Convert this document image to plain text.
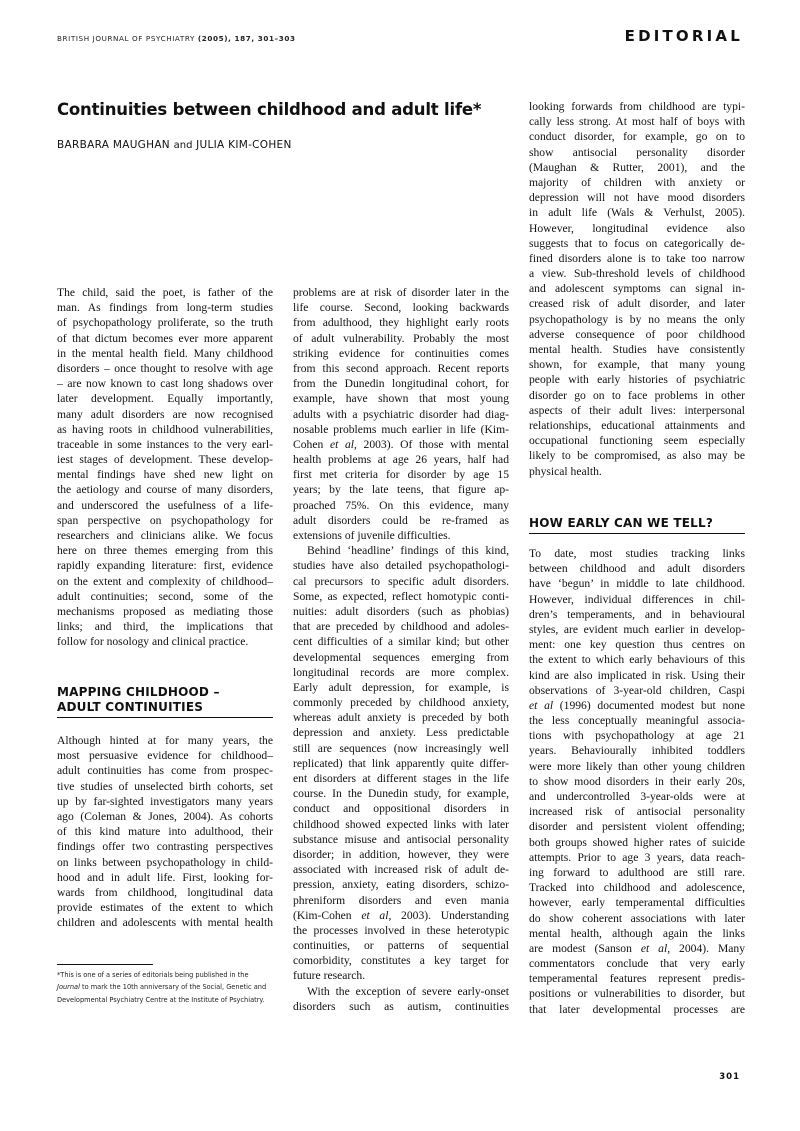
BRITISH JOURNAL OF PSYCHIATRY (2005), 187, 301–303	EDITORIAL
Continuities between childhood and adult life*
BARBARA MAUGHAN and JULIA KIM-COHEN
The child, said the poet, is father of the
man. As findings from long-term studies
of psychopathology proliferate, so the truth
of that dictum becomes ever more apparent
in the mental health field. Many childhood
disorders – once thought to resolve with age
– are now known to cast long shadows over
later development. Equally importantly,
many adult disorders are now recognised
as having roots in childhood vulnerabilities,
traceable in some instances to the very earl-
iest stages of development. These develop-
mental findings have shed new light on
the aetiology and course of many disorders,
and underscored the usefulness of a life-
span perspective on psychopathology for
researchers and clinicians alike. We focus
here on three themes emerging from this
rapidly expanding literature: first, evidence
on the extent and complexity of childhood–
adult continuities; second, some of the
mechanisms proposed as mediating those
links; and third, the implications that
follow for nosology and clinical practice.
MAPPING CHILDHOOD –
ADULT CONTINUITIES
Although hinted at for many years, the
most persuasive evidence for childhood–
adult continuities has come from prospec-
tive studies of unselected birth cohorts, set
up by far-sighted investigators many years
ago (Coleman & Jones, 2004). As cohorts
of this kind mature into adulthood, their
findings offer two contrasting perspectives
on links between psychopathology in child-
hood and in adult life. First, looking for-
wards from childhood, longitudinal data
provide estimates of the extent to which
children and adolescents with mental health
*This is one of a series of editorials being published in the Journal to mark the 10th anniversary of the Social, Genetic and Developmental Psychiatry Centre at the Institute of Psychiatry.
problems are at risk of disorder later in the
life course. Second, looking backwards
from adulthood, they highlight early roots
of adult vulnerability. Probably the most
striking evidence for continuities comes
from this second approach. Recent reports
from the Dunedin longitudinal cohort, for
example, have shown that most young
adults with a psychiatric disorder had diag-
nosable problems much earlier in life (Kim-
Cohen et al, 2003). Of those with mental
health problems at age 26 years, half had
first met criteria for disorder by age 15
years; by the late teens, that figure ap-
proached 75%. On this evidence, many
adult disorders could be re-framed as
extensions of juvenile difficulties.
Behind ‘headline’ findings of this kind,
studies have also detailed psychopathologi-
cal precursors to specific adult disorders.
Some, as expected, reflect homotypic conti-
nuities: adult disorders (such as phobias)
that are preceded by childhood and adoles-
cent difficulties of a similar kind; but other
developmental sequences emerging from
longitudinal records are more complex.
Early adult depression, for example, is
commonly preceded by childhood anxiety,
whereas adult anxiety is preceded by both
depression and anxiety. Less predictable
still are sequences (now increasingly well
replicated) that link apparently quite differ-
ent disorders at different stages in the life
course. In the Dunedin study, for example,
conduct and oppositional disorders in
childhood showed expected links with later
substance misuse and antisocial personality
disorder; in addition, however, they were
associated with increased risk of adult de-
pression, anxiety, eating disorders, schizo-
phreniform disorders and even mania
(Kim-Cohen et al, 2003). Understanding
the processes involved in these heterotypic
continuities, or patterns of sequential
comorbidity, constitutes a key target for
future research.
With the exception of severe early-onset
disorders such as autism, continuities
looking forwards from childhood are typi-
cally less strong. At most half of boys with
conduct disorder, for example, go on to
show antisocial personality disorder
(Maughan & Rutter, 2001), and the
majority of children with anxiety or
depression will not have mood disorders
in adult life (Wals & Verhulst, 2005).
However, longitudinal evidence also
suggests that to focus on categorically de-
fined disorders alone is to take too narrow
a view. Sub-threshold levels of childhood
and adolescent symptoms can signal in-
creased risk of adult disorder, and later
psychopathology is by no means the only
adverse consequence of poor childhood
mental health. Studies have consistently
shown, for example, that many young
people with early histories of psychiatric
disorder go on to face problems in other
aspects of their adult lives: interpersonal
relationships, educational attainments and
occupational functioning seem especially
likely to be compromised, as also may be
physical health.
HOW EARLY CAN WE TELL?
To date, most studies tracking links
between childhood and adult disorders
have ‘begun’ in middle to late childhood.
However, individual differences in chil-
dren’s temperaments, and in behavioural
styles, are evident much earlier in develop-
ment: one key question thus centres on
the extent to which early behaviours of this
kind are also implicated in risk. Using their
observations of 3-year-old children, Caspi
et al (1996) documented modest but none
the less conceptually meaningful associa-
tions with psychopathology at age 21
years. Behaviourally inhibited toddlers
were more likely than other young children
to show mood disorders in their early 20s,
and undercontrolled 3-year-olds were at
increased risk of antisocial personality
disorder and persistent violent offending;
both groups showed higher rates of suicide
attempts. Prior to age 3 years, data reach-
ing forward to adulthood are still rare.
Tracked into childhood and adolescence,
however, early temperamental difficulties
do show coherent associations with later
mental health, although again the links
are modest (Sanson et al, 2004). Many
commentators conclude that very early
temperamental features represent predis-
positions or vulnerabilities to disorder, but
that later developmental processes are
301
